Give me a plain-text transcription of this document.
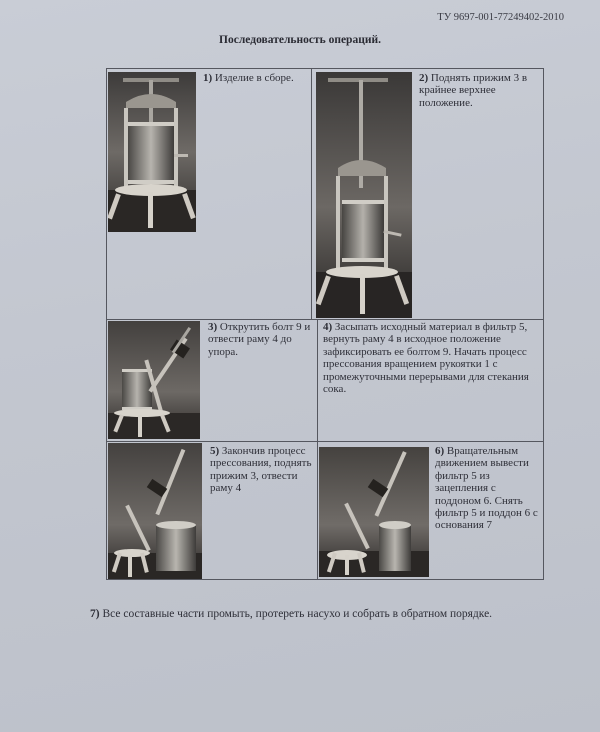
ТУ 9697-001-77249402-2010
Последовательность операций.
1) Изделие в сборе.	2) Поднять прижим 3 в крайнее верхнее положение.
3) Открутить болт 9 и отвести раму 4 до упора.
4) Засыпать исходный материал в фильтр 5, вернуть раму 4 в исходное положение зафиксировать ее болтом 9. Начать процесс прессования вращением рукоятки 1 с промежуточными перерывами для стекания сока.
5) Закончив процесс прессования, поднять прижим 3, отвести раму 4
6) Вращательным движением вывести фильтр 5 из зацепления с поддоном 6. Снять фильтр 5 и поддон 6 с основания 7
7) Все составные части промыть, протереть насухо и собрать в обратном порядке.
